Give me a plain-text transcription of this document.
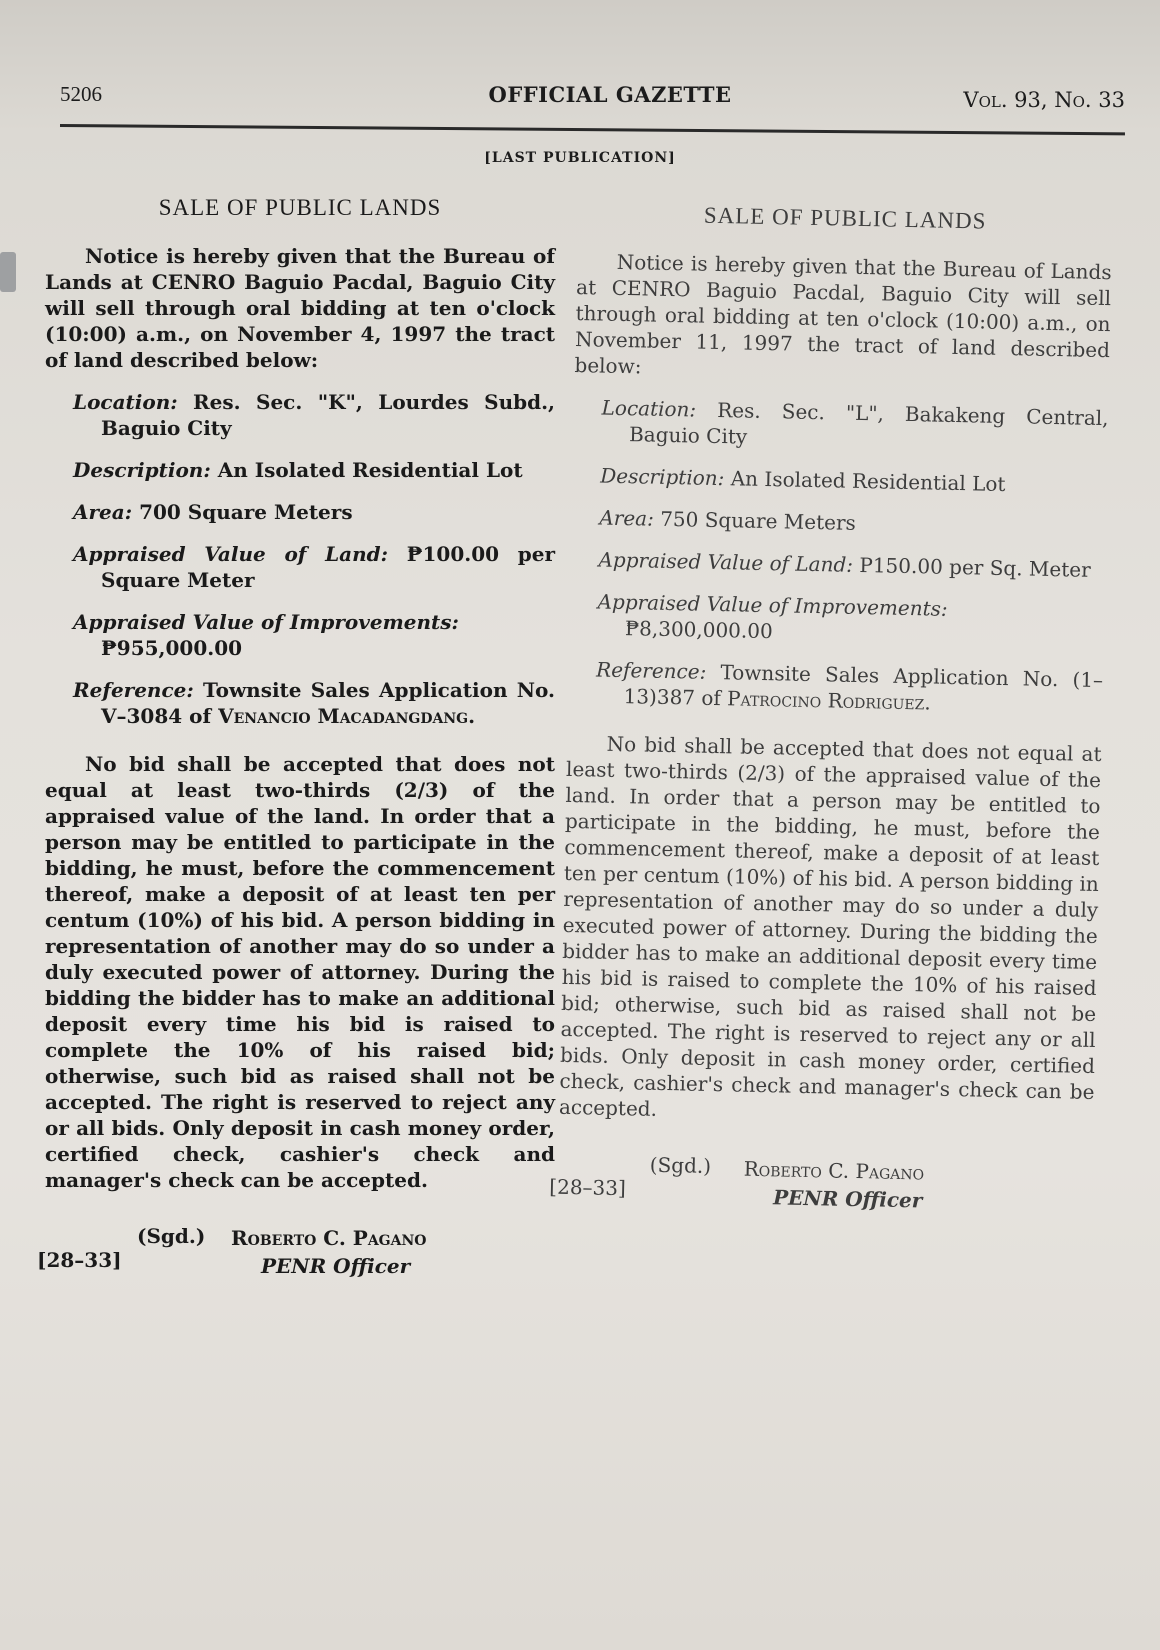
5206	OFFICIAL GAZETTE	Vol. 93, No. 33
[LAST PUBLICATION]
SALE OF PUBLIC LANDS

Notice is hereby given that the Bureau of Lands at CENRO Baguio Pacdal, Baguio City will sell through oral bidding at ten o'clock (10:00) a.m., on November 4, 1997 the tract of land described below:

Location: Res. Sec. "K", Lourdes Subd., Baguio City
Description: An Isolated Residential Lot
Area: 700 Square Meters
Appraised Value of Land: ₱100.00 per Square Meter
Appraised Value of Improvements:
₱955,000.00
Reference: Townsite Sales Application No. V–3084 of Venancio Macadangdang.

No bid shall be accepted that does not equal at least two-thirds (2/3) of the appraised value of the land. In order that a person may be entitled to participate in the bidding, he must, before the commencement thereof, make a deposit of at least ten per centum (10%) of his bid. A person bidding in representation of another may do so under a duly executed power of attorney. During the bidding the bidder has to make an additional deposit every time his bid is raised to complete the 10% of his raised bid; otherwise, such bid as raised shall not be accepted. The right is reserved to reject any or all bids. Only deposit in cash money order, certified check, cashier's check and manager's check can be accepted.

(Sgd.)
[28–33]
Roberto C. Pagano
PENR Officer
SALE OF PUBLIC LANDS

Notice is hereby given that the Bureau of Lands at CENRO Baguio Pacdal, Baguio City will sell through oral bidding at ten o'clock (10:00) a.m., on November 11, 1997 the tract of land described below:

Location: Res. Sec. "L", Bakakeng Central, Baguio City
Description: An Isolated Residential Lot
Area: 750 Square Meters
Appraised Value of Land: P150.00 per Sq. Meter
Appraised Value of Improvements:
₱8,300,000.00
Reference: Townsite Sales Application No. (1–13)387 of Patrocino Rodriguez.

No bid shall be accepted that does not equal at least two-thirds (2/3) of the appraised value of the land. In order that a person may be entitled to participate in the bidding, he must, before the commencement thereof, make a deposit of at least ten per centum (10%) of his bid. A person bidding in representation of another may do so under a duly executed power of attorney. During the bidding the bidder has to make an additional deposit every time his bid is raised to complete the 10% of his raised bid; otherwise, such bid as raised shall not be accepted. The right is reserved to reject any or all bids. Only deposit in cash money order, certified check, cashier's check and manager's check can be accepted.

(Sgd.)
[28–33]
Roberto C. Pagano
PENR Officer
